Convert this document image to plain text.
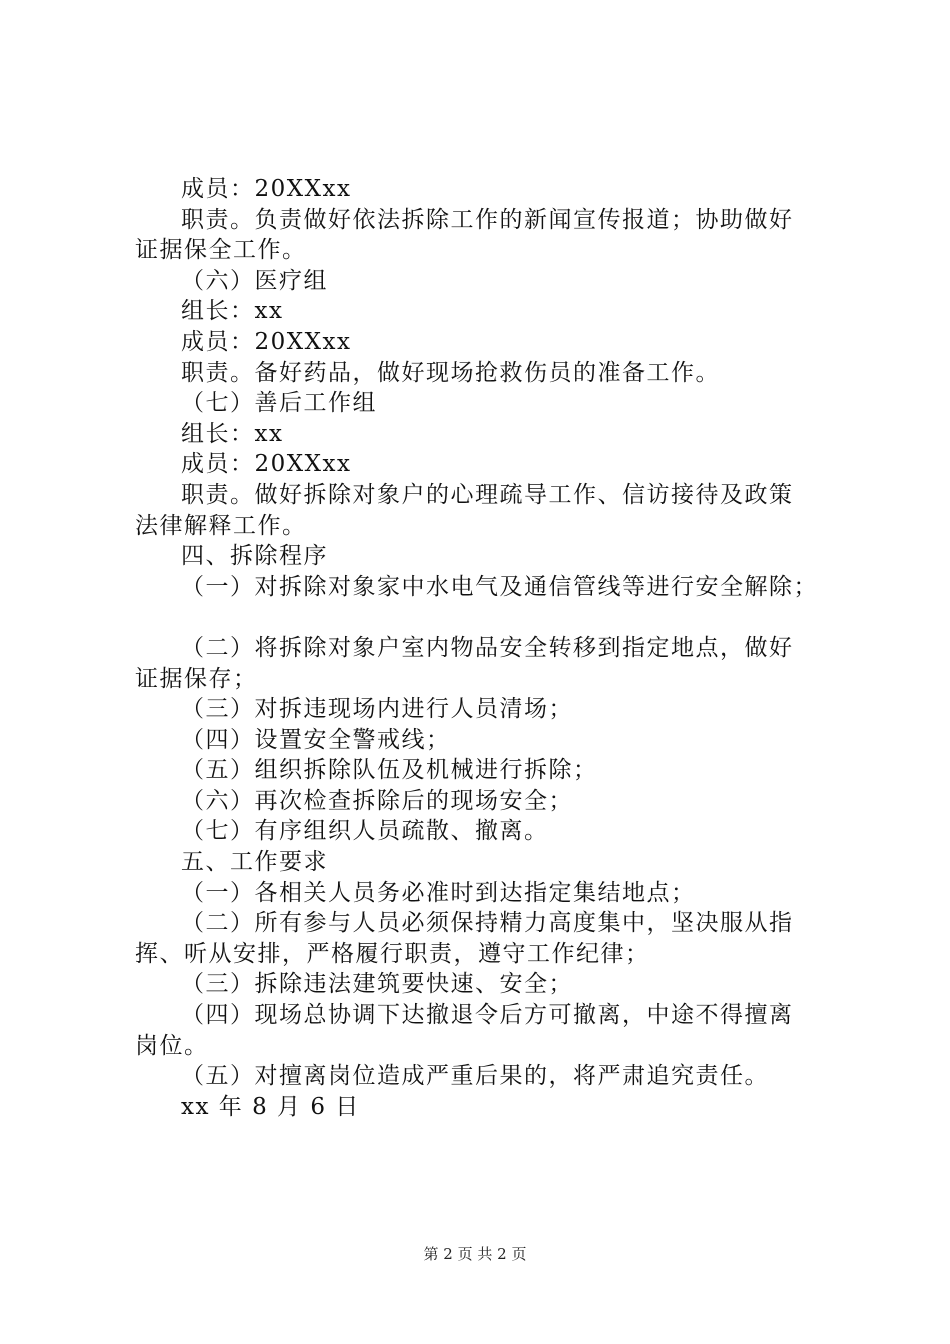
成员：20XXxx
职责。负责做好依法拆除工作的新闻宣传报道；协助做好
证据保全工作。
（六）医疗组
组长：xx
成员：20XXxx
职责。备好药品，做好现场抢救伤员的准备工作。
（七）善后工作组
组长：xx
成员：20XXxx
职责。做好拆除对象户的心理疏导工作、信访接待及政策
法律解释工作。
四、拆除程序
（一）对拆除对象家中水电气及通信管线等进行安全解除；
（二）将拆除对象户室内物品安全转移到指定地点，做好
证据保存；
（三）对拆违现场内进行人员清场；
（四）设置安全警戒线；
（五）组织拆除队伍及机械进行拆除；
（六）再次检查拆除后的现场安全；
（七）有序组织人员疏散、撤离。
五、工作要求
（一）各相关人员务必准时到达指定集结地点；
（二）所有参与人员必须保持精力高度集中，坚决服从指
挥、听从安排，严格履行职责，遵守工作纪律；
（三）拆除违法建筑要快速、安全；
（四）现场总协调下达撤退令后方可撤离，中途不得擅离
岗位。
（五）对擅离岗位造成严重后果的，将严肃追究责任。
xx 年 8 月 6 日
第 2 页 共 2 页
